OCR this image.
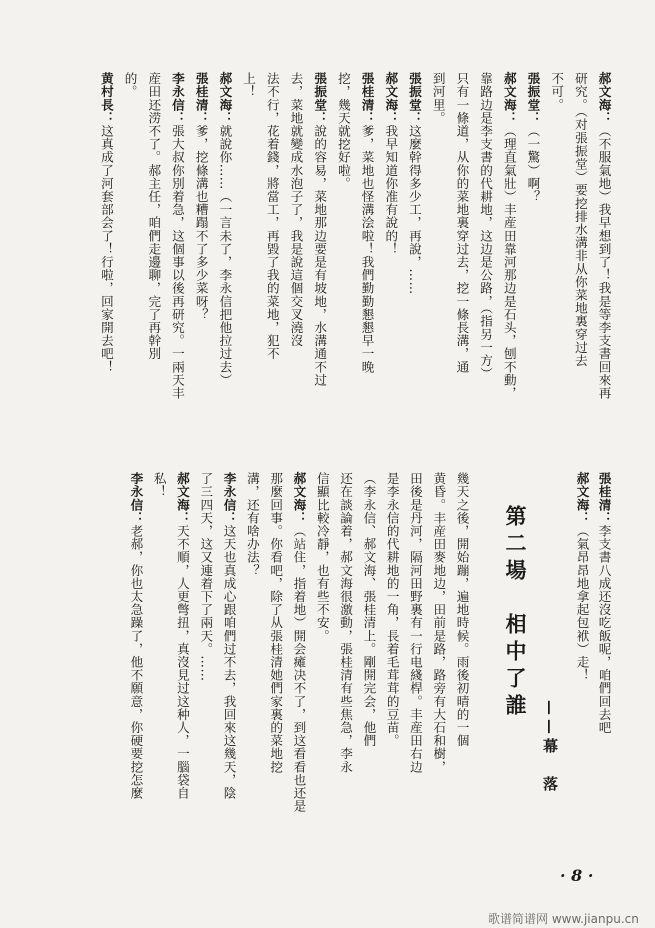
郝文海：（不服氣地）我早想到了！我是等李支書回來再
研究。（对張振堂）要挖排水溝非从你菜地裏穿过去
不可。
張振堂：（一驚）啊？
郝文海：（理直氣壯）丰産田靠河那边是石头，刨不動，
靠路边是李支書的代耕地，这边是公路，（指另一方）
只有一條道，从你的菜地裏穿过去，挖一條長溝，通
到河里。
張振堂：这麼幹得多少工，再說，……
郝文海：我早知道你准有說的！
張桂清：爹，菜地也怪溝浍啦！我們勤勤懇懇早一晚
挖，幾天就挖好啦。
張振堂：說的容易，菜地那边要是有坡地，水溝通不过
去，菜地就變成水泡子了，我是說這個交叉澆沒
法不行，花着錢，將當工，再毀了我的菜地，犯不
上！
郝文海：就說你……（一言未了，李永信把他拉过去）
張桂清：爹，挖條溝也糟蹋不了多少菜呀？
李永信：張大叔你別着急，这個事以後再研究。一兩天丰
産田还涝不了。郝主任，咱們走邊聊，完了再幹別
的。
黄村長：这真成了河套部会了！行啦，回家開去吧！
張桂清：李支書八成还沒吃飯呢，咱們回去吧
郝文海：（氣昂昂地拿起包袱）走！
——幕　落
第二場　相中了誰
幾天之後，開始蹦，遍地時候。雨後初晴的一個
黄昏。丰産田麥地边，田前是路，路旁有大石和樹，
田後是丹河，隔河田野裏有一行电綫桿。丰産田右边
是李永信的代耕地的一角，長着毛茸茸的豆苗。
（李永信、郝文海、張桂清上。剛開完会，他們
还在談論着，郝文海很激動，張桂清有些焦急，李永
信顯比較冷靜，也有些不安。
郝文海：（站住，指着地）開会瘫决不了，到这看看也还是
那麼回事。你看吧，除了从張桂清她們家裏的菜地挖
溝，还有啥办法？
李永信：这天也真成心跟咱們过不去，我回來这幾天，陰
了三四天，这又連着下了兩天。……
郝文海：天不順，人更彆扭，真沒見过这种人，一腦袋自
私！
李永信：老郝，你也太急躁了，他不願意，你硬要挖怎麼
· 8 ·
歌谱简谱网 www.jianpu.cn
